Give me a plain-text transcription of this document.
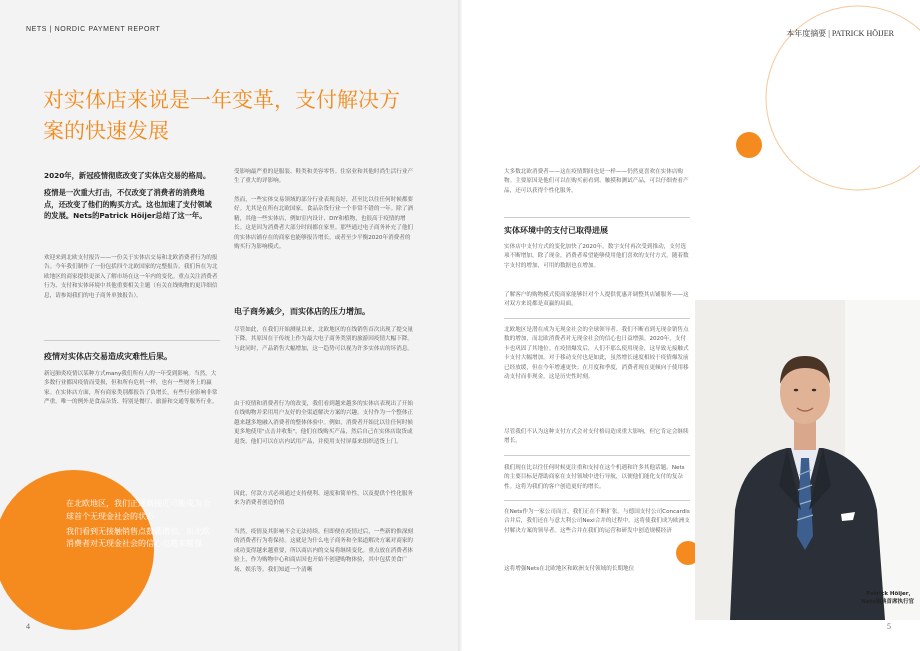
NETS | NORDIC PAYMENT REPORT	本年度摘要 | PATRICK HÖIJER
对实体店来说是一年变革，支付解决方案的快速发展
2020年，新冠疫情彻底改变了实体店交易的格局。
疫情是一次重大打击，不仅改变了消费者的消费地点，还改变了他们的购买方式。这也加速了支付领域的发展。Nets的Patrick Höijer总结了这一年。
欢迎来到北欧支付报告——一份关于实体店交易和北欧消费者行为的报告。今年我们制作了一份包括四个北欧国家的完整报告。我们旨在为北欧地区的商家提供更深入了解市场在这一年内的变化。重点关注消费者行为、支付和实体环境中其他重要相关主题（有关在线购物的更详细信息，请参阅我们的电子商务单独报告）。
疫情对实体店交易造成灾难性后果。
新冠肺炎疫情以某种方式many我们所有人的一年受到影响。当然，大多数行业都因疫情而受损，但和所有危机一样，也有一些财务上的赢家。在实体店方面，所有商家类别都报告了负增长，有些行业影响非常严重。唯一的例外是食品杂货、特别是餐厅、旅游和交通等服务行业。
在北欧地区，我们正逐渐接近可能成为全球首个无现金社会的状态
我们看到无接触销售点数量增加，而北欧消费者对无现金社会的信心也越来越强
受影响最严重的是服装、鞋类和美容零售。住宿业和其他时尚生活行业产生了重大的评影响。
然而，一些实体交易领域的部分行业表现良好，甚至比以往任何时候都要好。尤其是在所有北欧国家，食品杂货行业一个非常不错的一年。除了酒精，其他一些实体店，例如室内设计、DIY和植物，也很高于疫情的增长。这是因为消费者大部分时间都在家里。那些通过电子商务补充了他们的实体店铺存在的商家也能够报告增长，或者至少平衡2020年消费者的购买行为影响模式。
电子商务减少，而实体店的压力增加。
尽管如此，在我们开始测量以来，北欧地区的在线销售首次出现了提交量下降。其原因在于传统上作为最大电子商务类别的旅游因疫情大幅下降。与此同时，产品销售大幅增加，这一趋势可以视为许多实体店的坏消息。
由于疫情和消费者行为的改变，我们看到越来越多的实体店表现出了开始在线购物并采用用户友好的全渠道解决方案的兴趣。支付作为一个整体正越来越多地融入消费者的整体体验中。例如，消费者开始比以往任何时候更多地使用"点击并收集"，他们在线购买产品，然后自己在实体店取货或退货。他们可以在店内试用产品，并使用支付屏幕来组织适货上门。
因此，付款方式必须通过支持便利、速度和简单性，以及提供个性化服务来为消费者创造价值
当然，疫情及其影响不会无法持续。但即便在疫情过后，一些新的惟深刻的消费者行为将保持。这就是为什么电子商务和全渠道解决方案对商家的成功变得越来越重要，所以商店内的交易将继续变化。重点放在消费者体验上，作为购物中心和商店因也开始不创建购物体验，其中包括美食广场、娱乐等。我们知道一个清晰
大多数北欧消费者——这在疫情期间也是一样——仍然更喜欢在实体店购物。主要原因是他们可以在购买前看到、触摸和测试产品，可以仔细查看产品，还可以获得个性化服务。
实体环境中的支付已取得进展
实体店中支付方式的变化加快了2020年，数字支付再次受到推动，支付选项不断增加，除了现金，消费者希望能够使用他们喜欢的支付方式。随着数字支付的增加，可用的数据也在增加。
了解客户的购物模式使商家能够针对个人提供优惠并调整其店铺服务——这对双方来说都是双赢的局面。
北欧地区是潜在成为无现金社会的全球领导者。我们不断看到无现金销售点数的增加，而北欧消费者对无现金社会的信心也日益增强。2020年，支付卡也巩固了其地位。在疫情爆发后，人们不那么使用现金，这导致无接触式卡支付大幅增加。对于移动支付也是如此，虽然增长速度相较于疫情爆发前已经放缓，但在今年增速更快；在月度和季度，消费者现在更倾向于使用移动支付而非现金，这是历史性时刻。
尽管我们不认为这种支付方式会对支付格局造成重大影响，但它肯定会继续增长。
我们现在比以往任何时候更注重和支持在这个机遇和许多其他话题。Nets的主要目标是帮助商家在支付领域中进行导航，以便他们能化支付的复杂性。这将为我们的客户创造更好的增长。
在Nets作为一家公司而言，我们正在不断扩张。与德国支付公司Concardis合并后，我们还在与意大利公司Nexi合并的过程中。这将使我们成为欧洲支付解决方案的领导者。这些合并在我们的运营和研发中创造规模经济
这将增强Nets在北欧地区和欧洲支付领域的长期地位
Patrick Höijer，
Nets瑞典首席执行官
4	5
